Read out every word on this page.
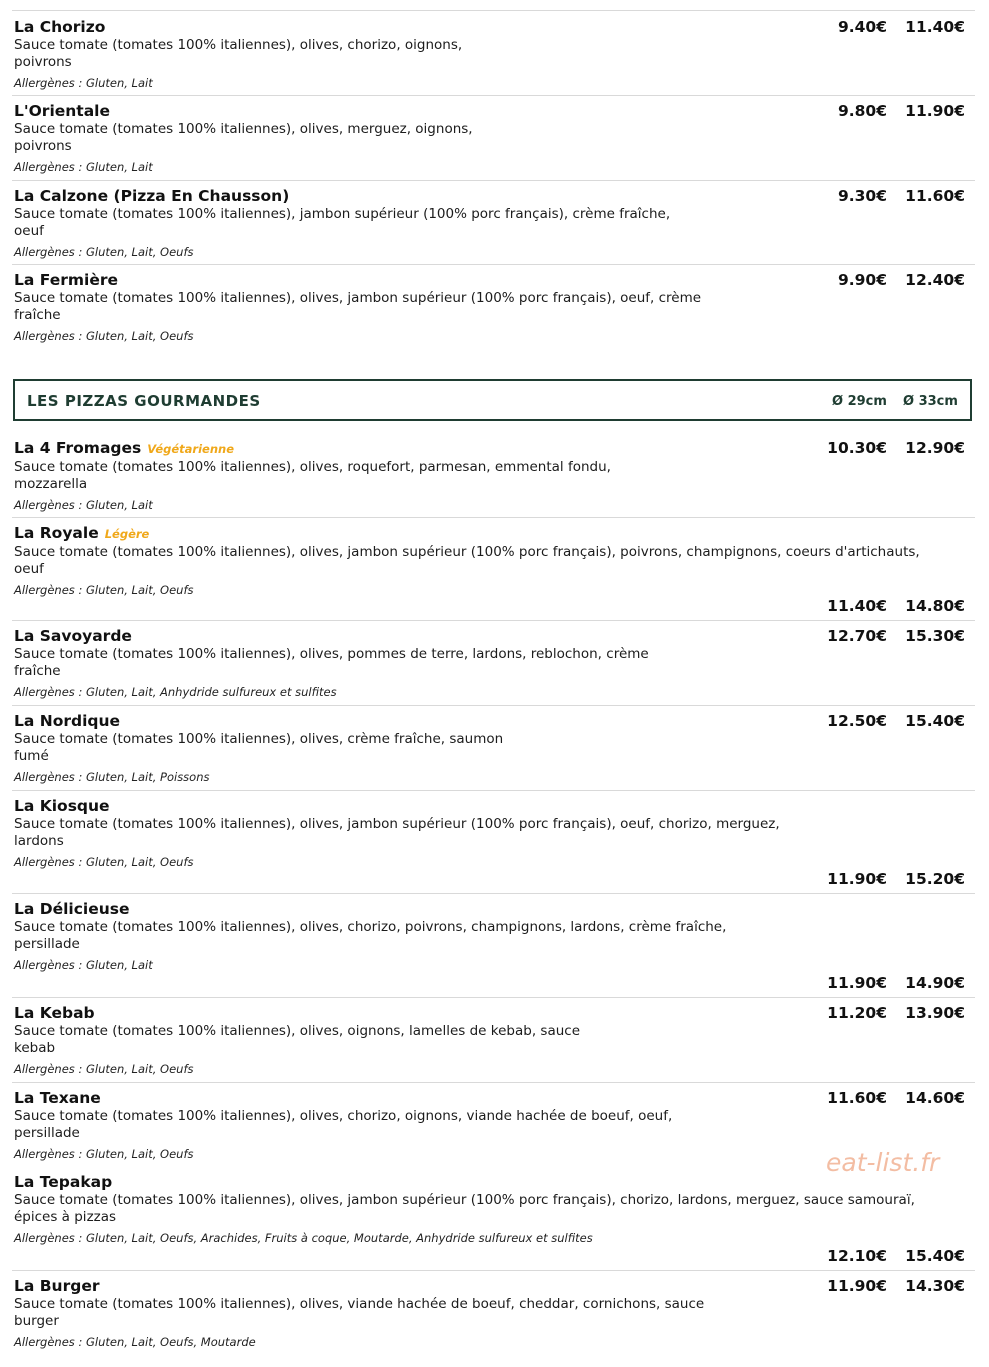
La Chorizo
Sauce tomate (tomates 100% italiennes), olives, chorizo, oignons,
poivrons
Allergènes : Gluten, Lait
9.40€ 11.40€
L'Orientale
Sauce tomate (tomates 100% italiennes), olives, merguez, oignons,
poivrons
Allergènes : Gluten, Lait
9.80€ 11.90€
La Calzone (Pizza En Chausson)
Sauce tomate (tomates 100% italiennes), jambon supérieur (100% porc français), crème fraîche,
oeuf
Allergènes : Gluten, Lait, Oeufs
9.30€ 11.60€
La Fermière
Sauce tomate (tomates 100% italiennes), olives, jambon supérieur (100% porc français), oeuf, crème
fraîche
Allergènes : Gluten, Lait, Oeufs
9.90€ 12.40€
LES PIZZAS GOURMANDES	Ø 29cm Ø 33cm
La 4 Fromages Végétarienne
Sauce tomate (tomates 100% italiennes), olives, roquefort, parmesan, emmental fondu,
mozzarella
Allergènes : Gluten, Lait
10.30€ 12.90€
La Royale Légère
Sauce tomate (tomates 100% italiennes), olives, jambon supérieur (100% porc français), poivrons, champignons, coeurs d'artichauts,
oeuf
Allergènes : Gluten, Lait, Oeufs
11.40€ 14.80€
La Savoyarde
Sauce tomate (tomates 100% italiennes), olives, pommes de terre, lardons, reblochon, crème
fraîche
Allergènes : Gluten, Lait, Anhydride sulfureux et sulfites
12.70€ 15.30€
La Nordique
Sauce tomate (tomates 100% italiennes), olives, crème fraîche, saumon
fumé
Allergènes : Gluten, Lait, Poissons
12.50€ 15.40€
La Kiosque
Sauce tomate (tomates 100% italiennes), olives, jambon supérieur (100% porc français), oeuf, chorizo, merguez,
lardons
Allergènes : Gluten, Lait, Oeufs
11.90€ 15.20€
La Délicieuse
Sauce tomate (tomates 100% italiennes), olives, chorizo, poivrons, champignons, lardons, crème fraîche,
persillade
Allergènes : Gluten, Lait
11.90€ 14.90€
La Kebab
Sauce tomate (tomates 100% italiennes), olives, oignons, lamelles de kebab, sauce
kebab
Allergènes : Gluten, Lait, Oeufs
11.20€ 13.90€
La Texane
Sauce tomate (tomates 100% italiennes), olives, chorizo, oignons, viande hachée de boeuf, oeuf,
persillade
Allergènes : Gluten, Lait, Oeufs
11.60€ 14.60€
La Tepakap
Sauce tomate (tomates 100% italiennes), olives, jambon supérieur (100% porc français), chorizo, lardons, merguez, sauce samouraï,
épices à pizzas
Allergènes : Gluten, Lait, Oeufs, Arachides, Fruits à coque, Moutarde, Anhydride sulfureux et sulfites
12.10€ 15.40€
La Burger
Sauce tomate (tomates 100% italiennes), olives, viande hachée de boeuf, cheddar, cornichons, sauce
burger
Allergènes : Gluten, Lait, Oeufs, Moutarde
11.90€ 14.30€
eat-list.fr
